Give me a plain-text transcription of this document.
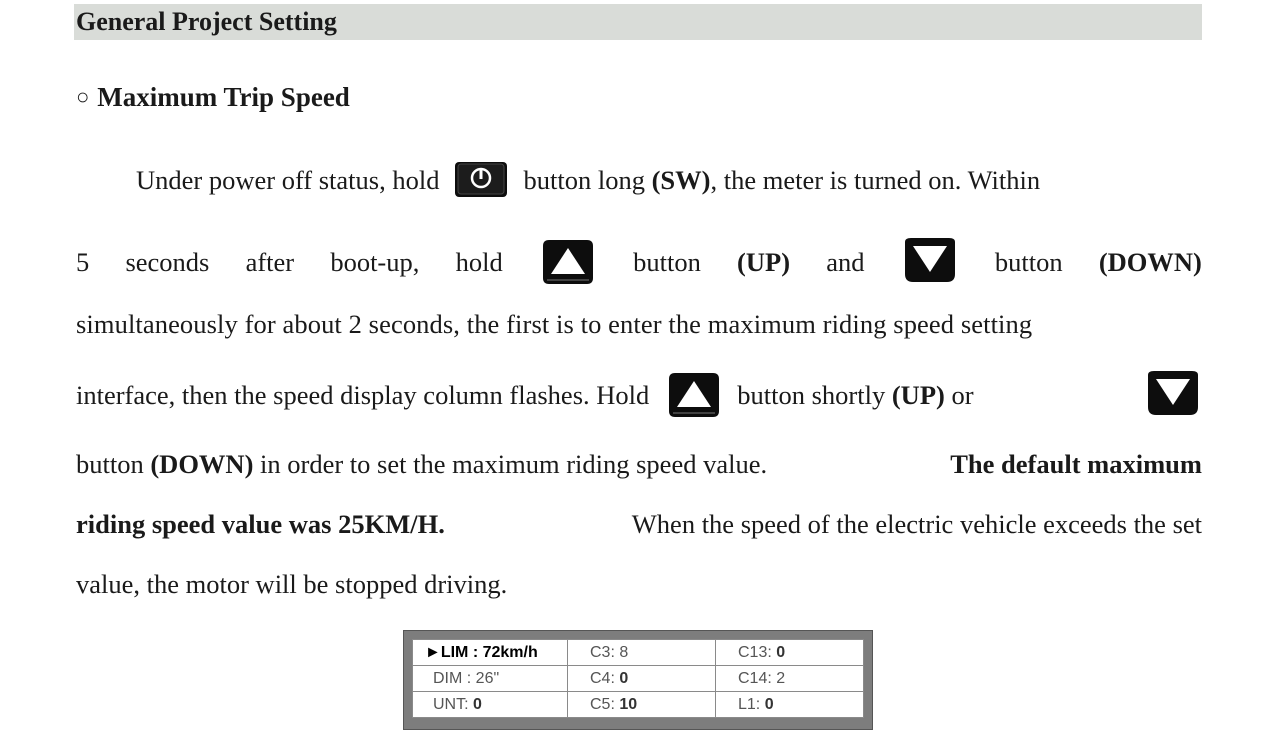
General Project Setting
○ Maximum Trip Speed
Under power off status, hold	button long
(SW) , the meter is turned on. Within
5 seconds after boot-up, hold	button (UP) and	button (DOWN)
simultaneously for about 2 seconds, the first is to enter the maximum riding speed setting
interface, then the speed display column flashes. Hold	button shortly
(UP)
or
button
(DOWN)
in order to set the maximum riding speed value.
	The default maximum
riding speed value was 25KM/H.
	When the speed of the electric vehicle exceeds the set
value, the motor will be stopped driving.
►LIM : 72km/h	C3: 8	C13: 0
DIM : 26"	C4: 0	C14: 2
UNT: 0	C5: 10	L1: 0
